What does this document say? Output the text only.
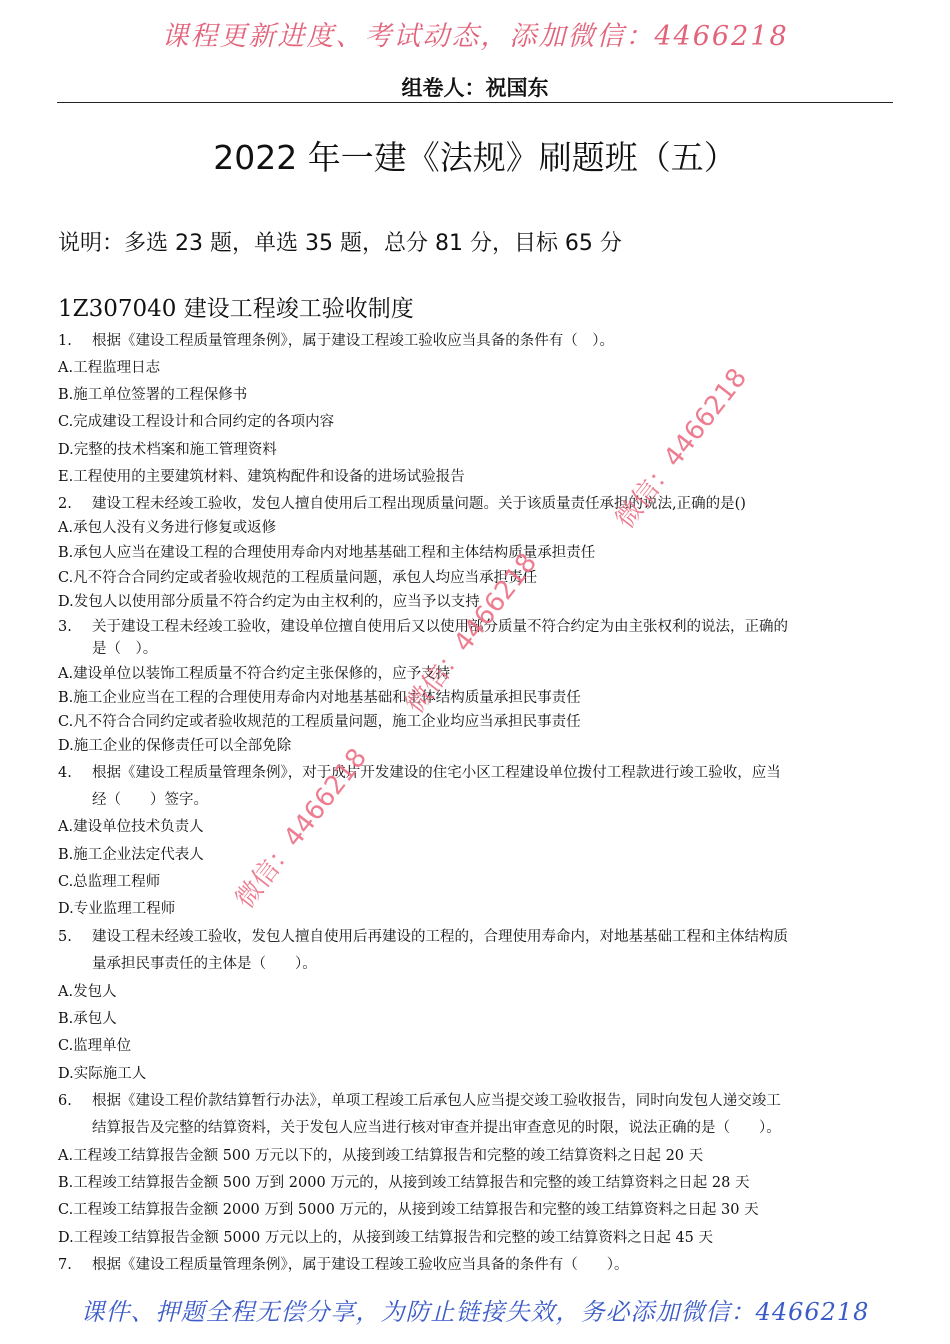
课程更新进度、考试动态，添加微信：4466218
组卷人：祝国东
2022 年一建《法规》刷题班（五）
说明：多选 23 题，单选 35 题，总分 81 分，目标 65 分
1Z307040 建设工程竣工验收制度
1. 根据《建设工程质量管理条例》，属于建设工程竣工验收应当具备的条件有（　）。
A.工程监理日志
B.施工单位签署的工程保修书
C.完成建设工程设计和合同约定的各项内容
D.完整的技术档案和施工管理资料
E.工程使用的主要建筑材料、建筑构配件和设备的进场试验报告
2. 建设工程未经竣工验收，发包人擅自使用后工程出现质量问题。关于该质量责任承担的说法,正确的是()
A.承包人没有义务进行修复或返修
B.承包人应当在建设工程的合理使用寿命内对地基基础工程和主体结构质量承担责任
C.凡不符合合同约定或者验收规范的工程质量问题，承包人均应当承担责任
D.发包人以使用部分质量不符合约定为由主权利的，应当予以支持
3. 关于建设工程未经竣工验收，建设单位擅自使用后又以使用部分质量不符合约定为由主张权利的说法，正确的
是（　）。
A.建设单位以装饰工程质量不符合约定主张保修的，应予支持
B.施工企业应当在工程的合理使用寿命内对地基基础和主体结构质量承担民事责任
C.凡不符合合同约定或者验收规范的工程质量问题，施工企业均应当承担民事责任
D.施工企业的保修责任可以全部免除
4. 根据《建设工程质量管理条例》，对于成片开发建设的住宅小区工程建设单位拨付工程款进行竣工验收，应当
经（　　）签字。
A.建设单位技术负责人
B.施工企业法定代表人
C.总监理工程师
D.专业监理工程师
5. 建设工程未经竣工验收，发包人擅自使用后再建设的工程的，合理使用寿命内，对地基基础工程和主体结构质
量承担民事责任的主体是（　　）。
A.发包人
B.承包人
C.监理单位
D.实际施工人
6. 根据《建设工程价款结算暂行办法》，单项工程竣工后承包人应当提交竣工验收报告，同时向发包人递交竣工
结算报告及完整的结算资料，关于发包人应当进行核对审查并提出审查意见的时限，说法正确的是（　　）。
A.工程竣工结算报告金额 500 万元以下的，从接到竣工结算报告和完整的竣工结算资料之日起 20 天
B.工程竣工结算报告金额 500 万到 2000 万元的，从接到竣工结算报告和完整的竣工结算资料之日起 28 天
C.工程竣工结算报告金额 2000 万到 5000 万元的，从接到竣工结算报告和完整的竣工结算资料之日起 30 天
D.工程竣工结算报告金额 5000 万元以上的，从接到竣工结算报告和完整的竣工结算资料之日起 45 天
7. 根据《建设工程质量管理条例》，属于建设工程竣工验收应当具备的条件有（　　）。
微信：4466218
微信：4466218
微信：4466218
课件、押题全程无偿分享，为防止链接失效，务必添加微信：4466218
